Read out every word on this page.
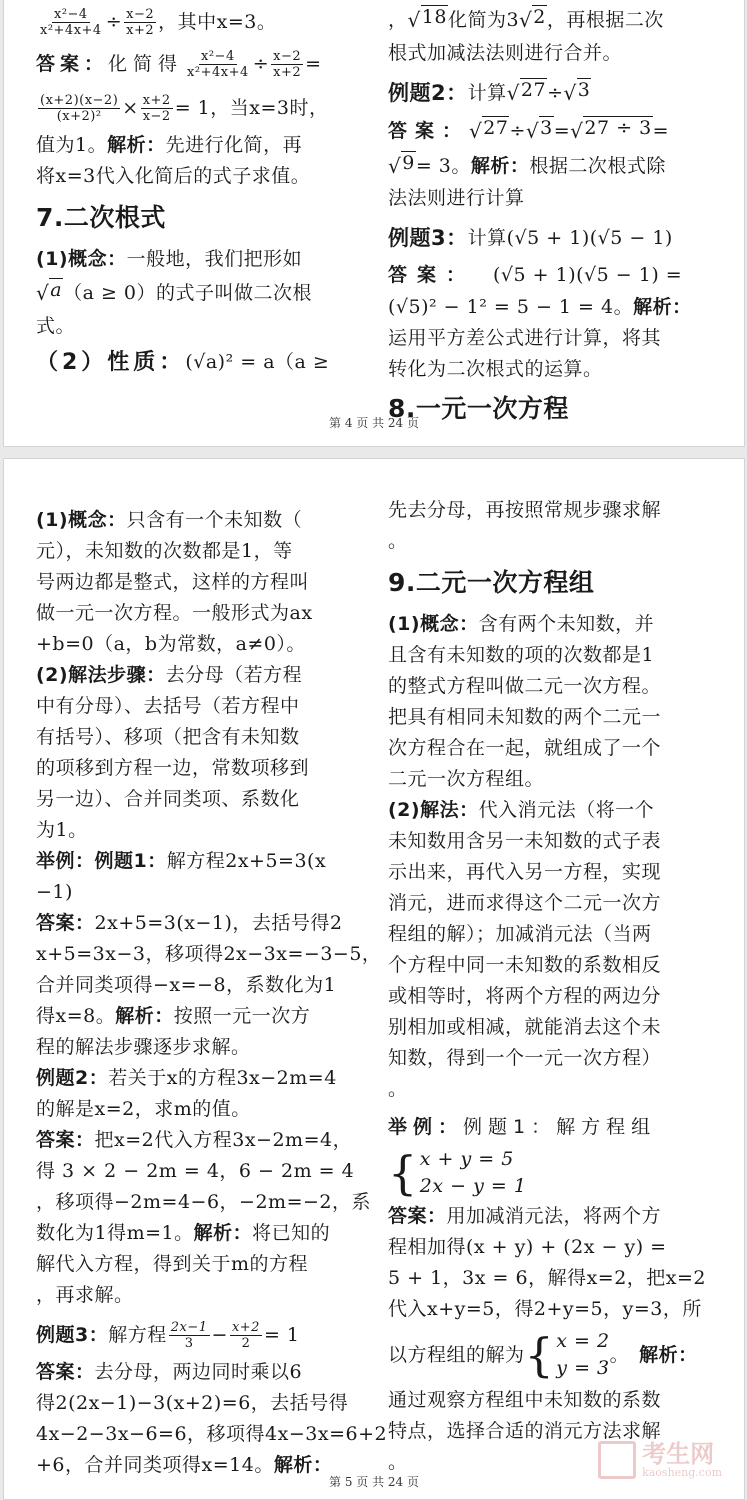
$\frac{\text{x²−4}}{\text{x²+4x+4}} \div \frac{x-2}{x+2}$ ，其中x=3。
答案： 化简得 $\frac{\text{x²−4}}{\text{x²+4x+4}} \div \frac{x-2}{x+2}$ =
$\frac{(x+2)(x-2)}{\text{(x+2)²}} \times \frac{x+2}{x-2} = 1$，当x=3时，
值为1。 解析： 先进行化简，再
将x=3代入化简后的式子求值。
7.二次根式
(1)概念： 一般地，我们把形如
√ a （a ≥ 0）的式子叫做二次根
式。
（2）性质： (√a)² = a（a ≥
， √ 18 化简为3 √ 2 ，再根据二次
根式加减法法则进行合并。
例题2： 计算 √ 27 ÷ √ 3
答案： √ 27 ÷ √ 3 = √ 27 ÷ 3 =
√ 9 = 3。 解析： 根据二次根式除
法法则进行计算
例题3： 计算(√5 + 1)(√5 − 1)
答案： (√5 + 1)(√5 − 1) =
(√5)² − 1² = 5 − 1 = 4。 解析：
运用平方差公式进行计算，将其
转化为二次根式的运算。
8.一元一次方程
第 4 页 共 24 页
(1)概念： 只含有一个未知数（
元），未知数的次数都是1，等
号两边都是整式，这样的方程叫
做一元一次方程。一般形式为ax
+b=0（a，b为常数，a≠0）。
(2)解法步骤： 去分母（若方程
中有分母）、去括号（若方程中
有括号）、移项（把含有未知数
的项移到方程一边，常数项移到
另一边）、合并同类项、系数化
为1。
举例：例题1： 解方程2x+5=3(x
−1)
答案： 2x+5=3(x−1)，去括号得2
x+5=3x−3，移项得2x−3x=−3−5，
合并同类项得−x=−8，系数化为1
得x=8。 解析： 按照一元一次方
程的解法步骤逐步求解。
例题2： 若关于x的方程3x−2m=4
的解是x=2，求m的值。
答案： 把x=2代入方程3x−2m=4，
得 3 × 2 − 2m = 4，6 − 2m = 4
，移项得−2m=4−6，−2m=−2，系
数化为1得m=1。 解析： 将已知的
解代入方程，得到关于m的方程
，再求解。
例题3： 解方程 $\frac{2x-1}{3} - \frac{x+2}{2} = 1$
答案： 去分母，两边同时乘以6
得2(2x−1)−3(x+2)=6，去括号得
4x−2−3x−6=6，移项得4x−3x=6+2
+6，合并同类项得x=14。 解析：
先去分母，再按照常规步骤求解
。
9.二元一次方程组
(1)概念： 含有两个未知数，并
且含有未知数的项的次数都是1
的整式方程叫做二元一次方程。
把具有相同未知数的两个二元一
次方程合在一起，就组成了一个
二元一次方程组。
(2)解法： 代入消元法（将一个
未知数用含另一未知数的式子表
示出来，再代入另一方程，实现
消元，进而求得这个二元一次方
程组的解）；加减消元法（当两
个方程中同一未知数的系数相反
或相等时，将两个方程的两边分
别相加或相减，就能消去这个未
知数，得到一个一元一次方程）
。
举例： 例题1： 解方程组
{ x + y = 5
2x − y = 1
答案： 用加减消元法，将两个方
程相加得(x + y) + (2x − y) =
5 + 1，3x = 6，解得x=2，把x=2
代入x+y=5，得2+y=5，y=3，所
以方程组的解为 { x = 2
y = 3
。 解析：
通过观察方程组中未知数的系数
特点，选择合适的消元方法求解
。	考生网
kaosheng.com
第 5 页 共 24 页
